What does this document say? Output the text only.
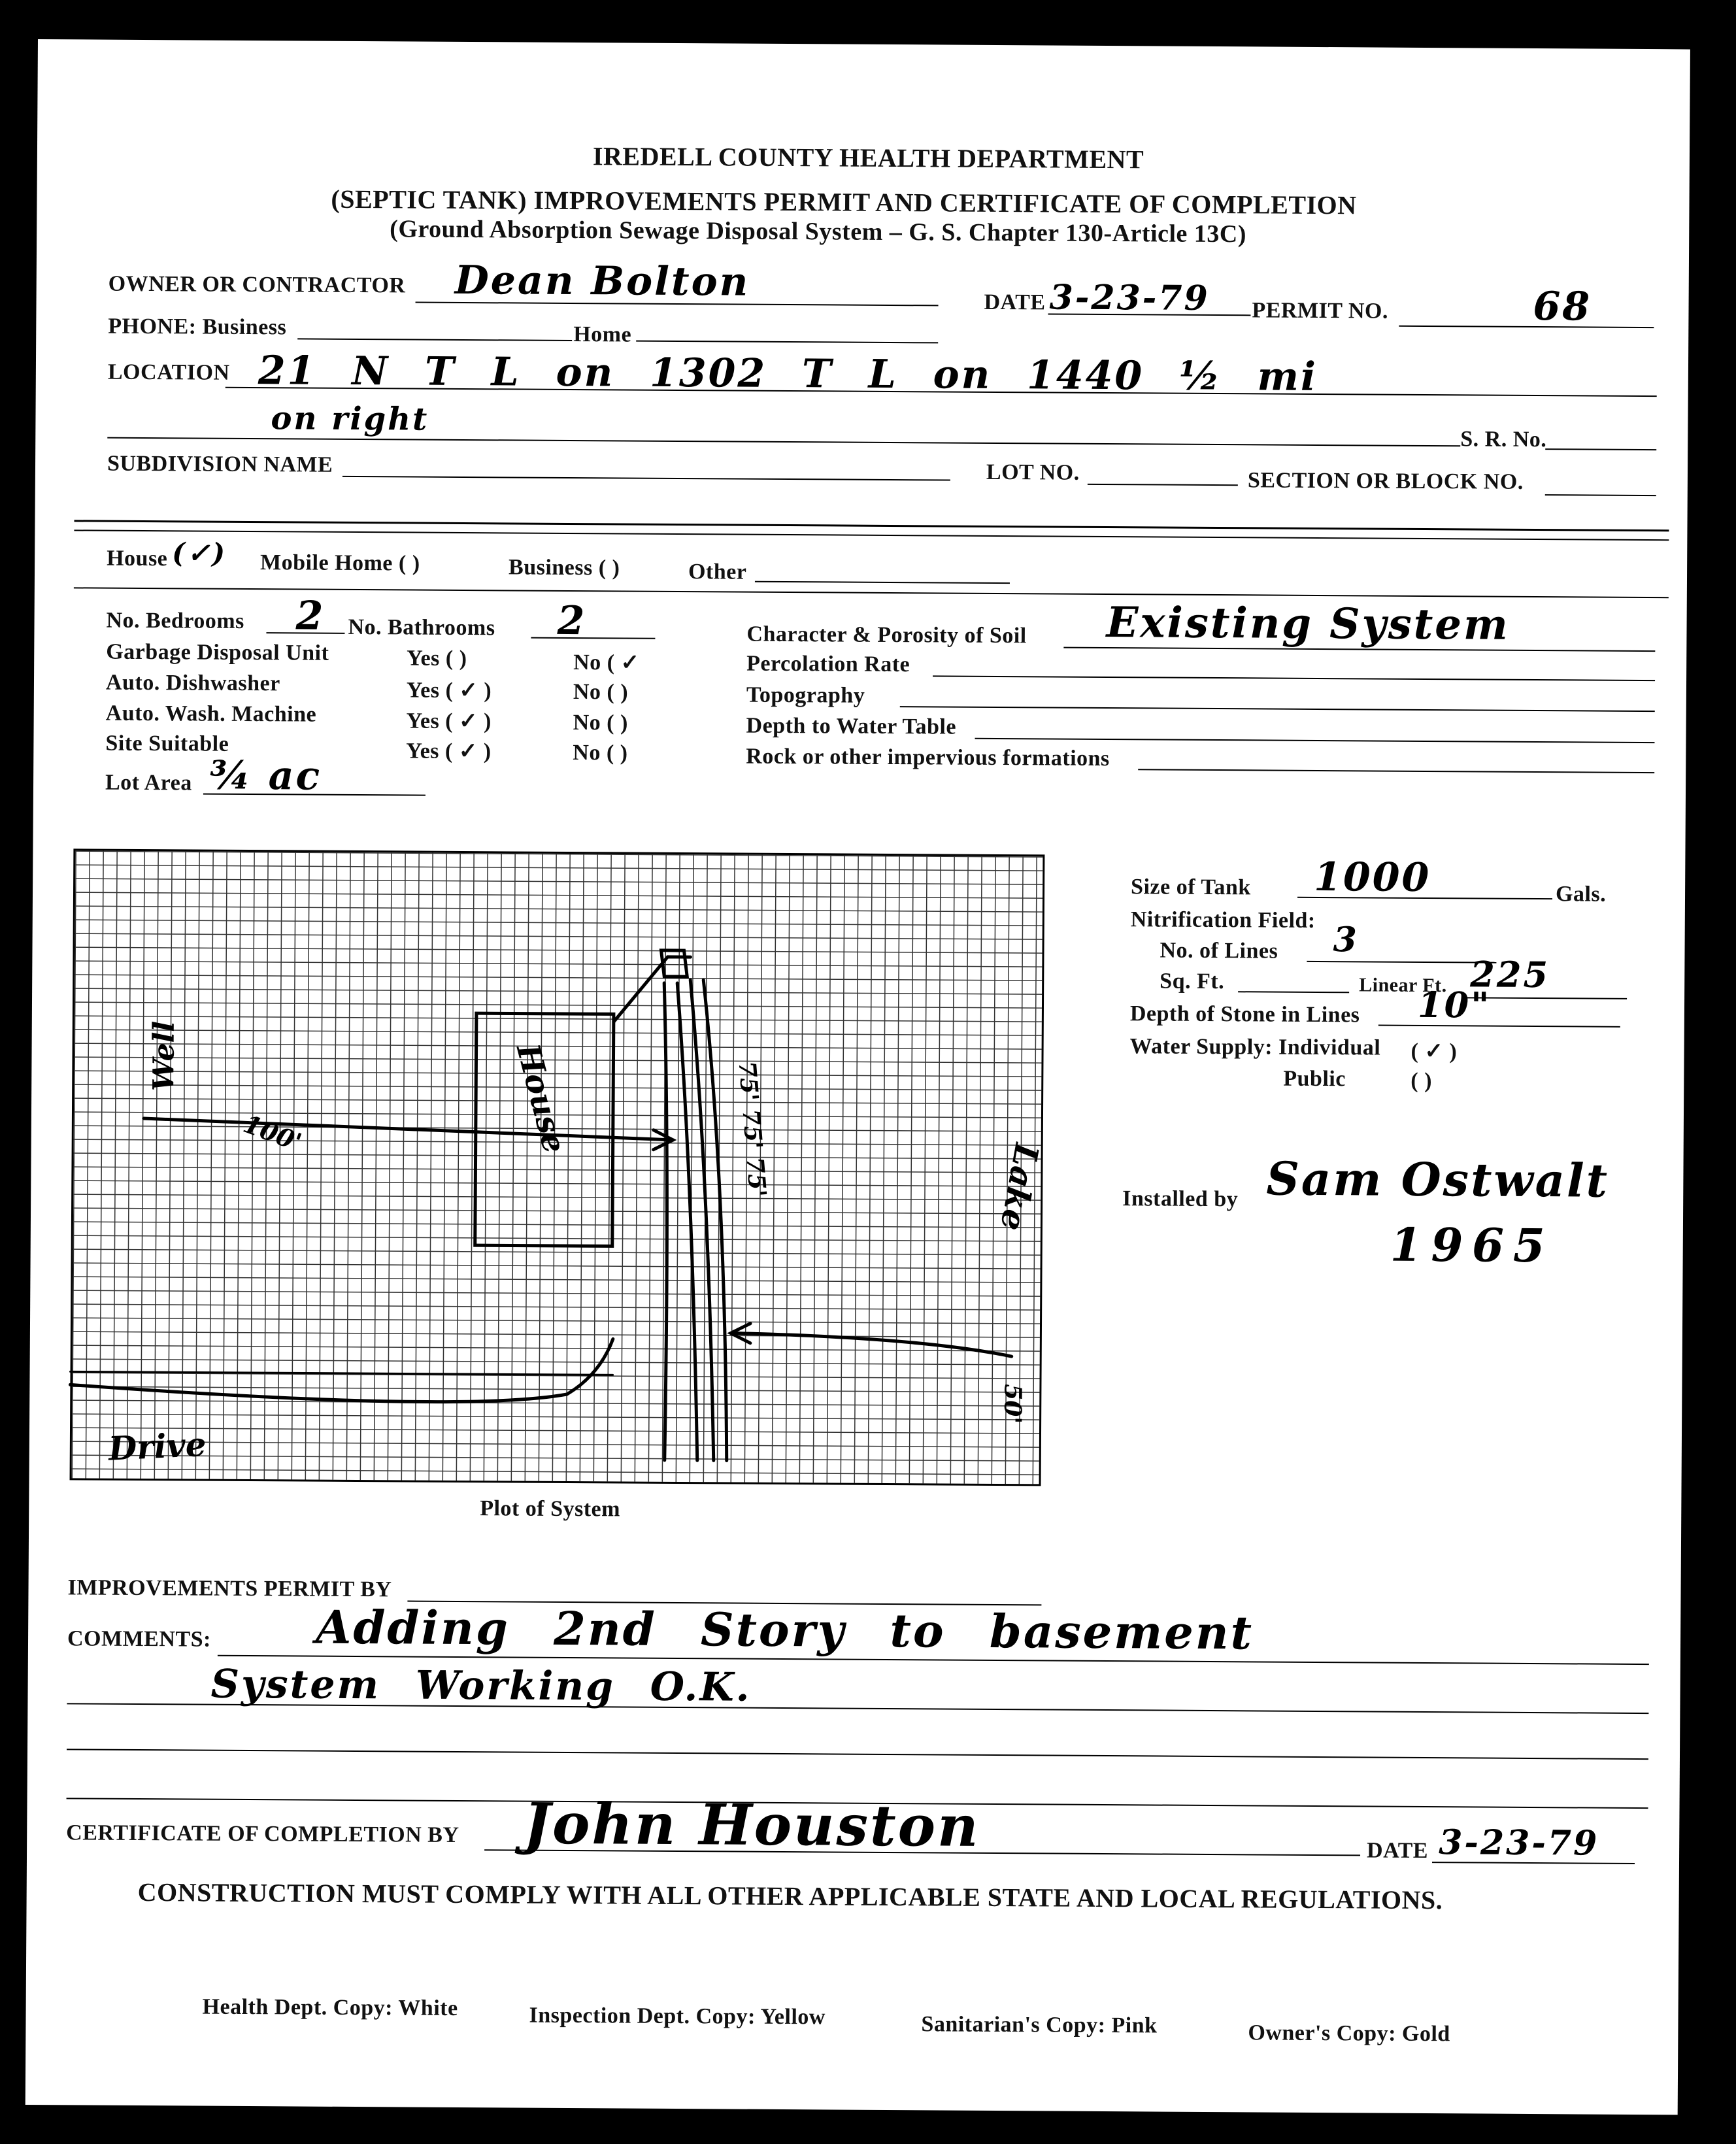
IREDELL COUNTY HEALTH DEPARTMENT
(SEPTIC TANK) IMPROVEMENTS PERMIT AND CERTIFICATE OF COMPLETION
(Ground Absorption Sewage Disposal System – G. S. Chapter 130-Article 13C)
OWNER OR CONTRACTOR Dean Bolton	DATE 3-23-79 PERMIT NO.	68
PHONE: Business	Home
LOCATION 21 N T L on 1302 T L on 1440 ½ mi
on right
S. R. No.
SUBDIVISION NAME	LOT NO.	SECTION OR BLOCK NO.
House (✓) Mobile Home ( )	Business ( )	Other
No. Bedrooms 2 No. Bathrooms 2
Garbage Disposal Unit	Yes ( )	No ( ✓
Auto. Dishwasher	Yes ( ✓ )	No ( )
Auto. Wash. Machine	Yes ( ✓ )	No ( )
Site Suitable	Yes ( ✓ )	No ( )
Lot Area ¾ ac
Character & Porosity of Soil Existing System
Percolation Rate
Topography
Depth to Water Table
Rock or other impervious formations
Well
100'	House	75' 75' 75'	Lake
Drive
50'
Plot of System
Size of Tank 1000	Gals.
Nitrification Field:
No. of Lines 3
Sq. Ft.	Linear Ft. 225
Depth of Stone in Lines 10"
Water Supply: Individual ( ✓ )
Public	( )
Installed by Sam Ostwalt
1965
IMPROVEMENTS PERMIT BY
COMMENTS: Adding 2nd Story to basement
System Working O.K.
CERTIFICATE OF COMPLETION BY John Houston	DATE 3-23-79
CONSTRUCTION MUST COMPLY WITH ALL OTHER APPLICABLE STATE AND LOCAL REGULATIONS.
Health Dept. Copy: White	Inspection Dept. Copy: Yellow	Sanitarian's Copy: Pink	Owner's Copy: Gold
